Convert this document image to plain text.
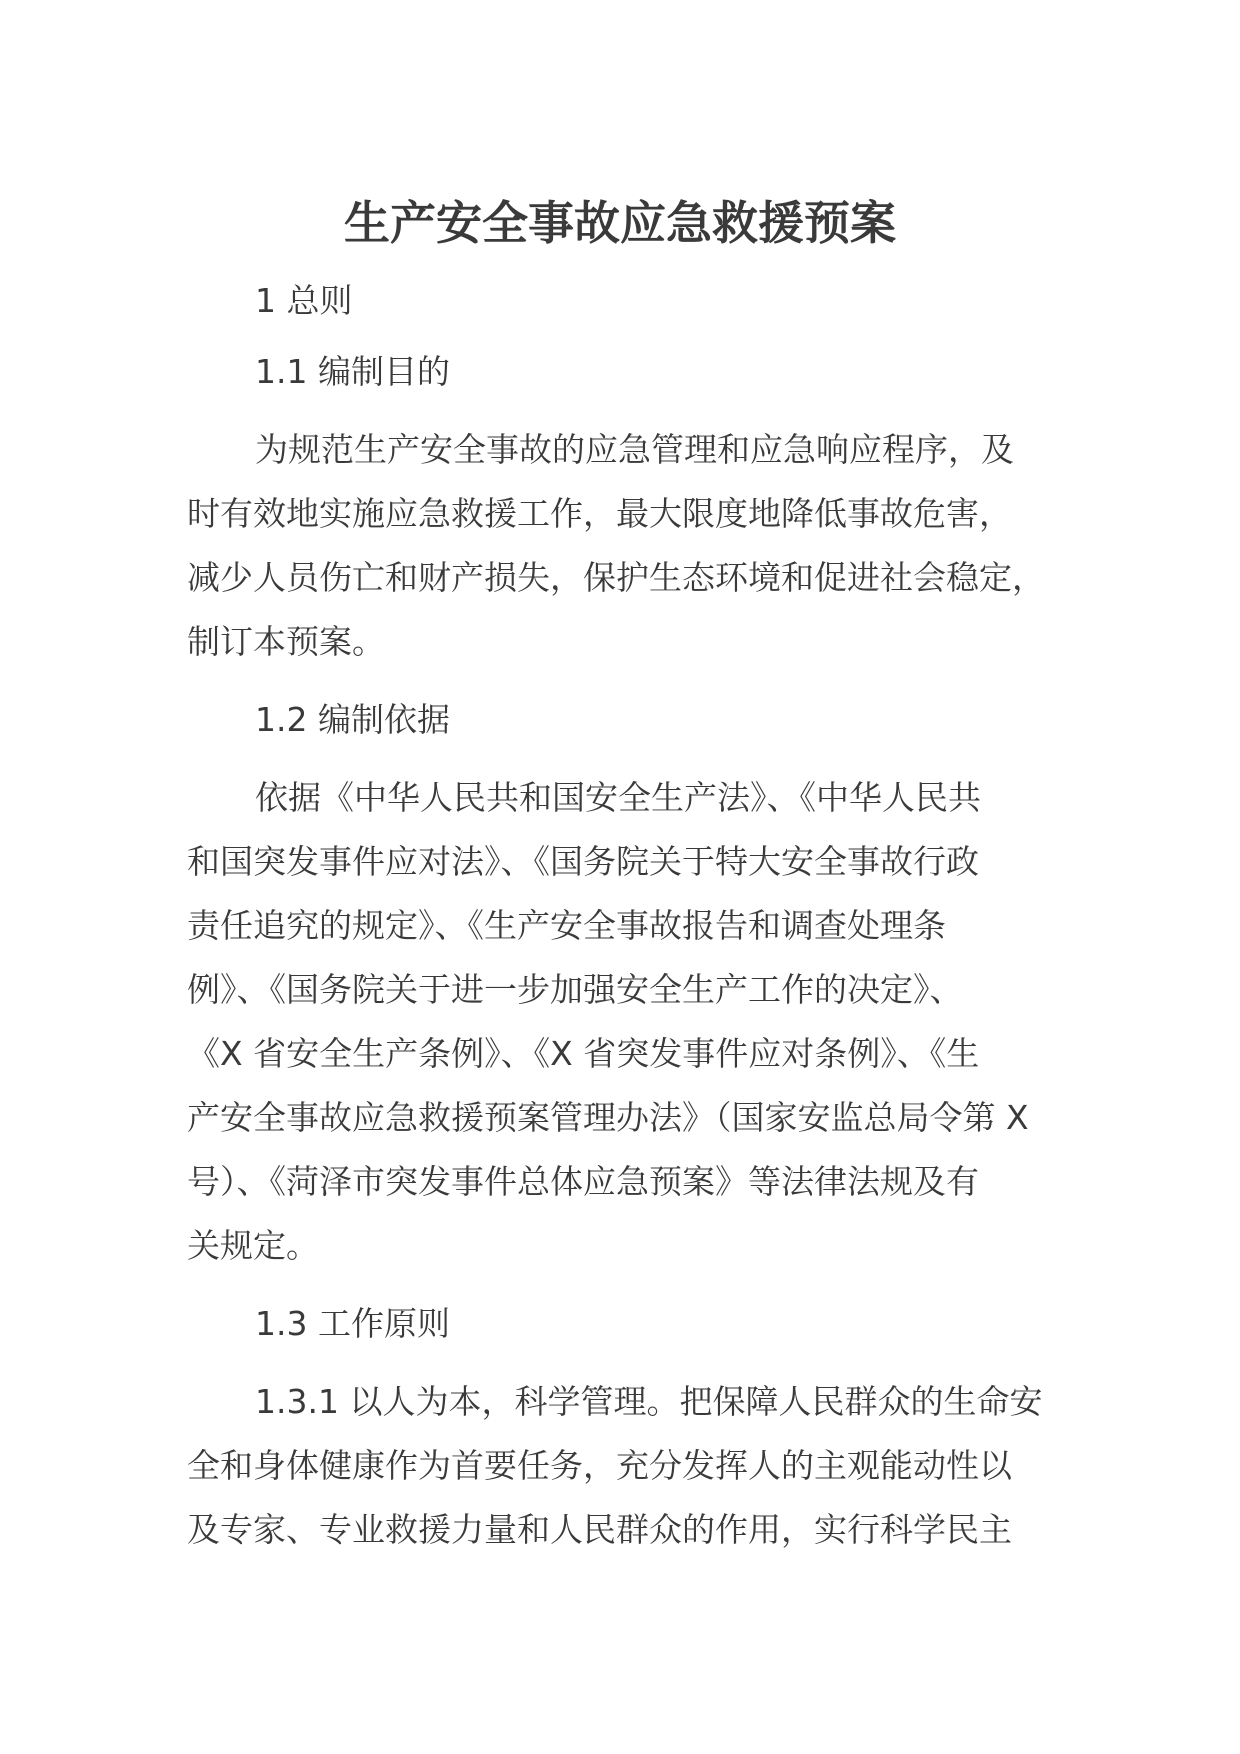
生产安全事故应急救援预案

1 总则

1.1 编制目的

为规范生产安全事故的应急管理和应急响应程序，及

时有效地实施应急救援工作，最大限度地降低事故危害，

减少人员伤亡和财产损失，保护生态环境和促进社会稳定，

制订本预案。

1.2 编制依据

依据《中华人民共和国安全生产法》、《中华人民共

和国突发事件应对法》、《国务院关于特大安全事故行政

责任追究的规定》、《生产安全事故报告和调查处理条

例》、《国务院关于进一步加强安全生产工作的决定》、

《X 省安全生产条例》、《X 省突发事件应对条例》、《生

产安全事故应急救援预案管理办法》（国家安监总局令第 X

号）、《菏泽市突发事件总体应急预案》等法律法规及有

关规定。

1.3 工作原则

1.3.1 以人为本，科学管理。把保障人民群众的生命安

全和身体健康作为首要任务，充分发挥人的主观能动性以

及专家、专业救援力量和人民群众的作用，实行科学民主
